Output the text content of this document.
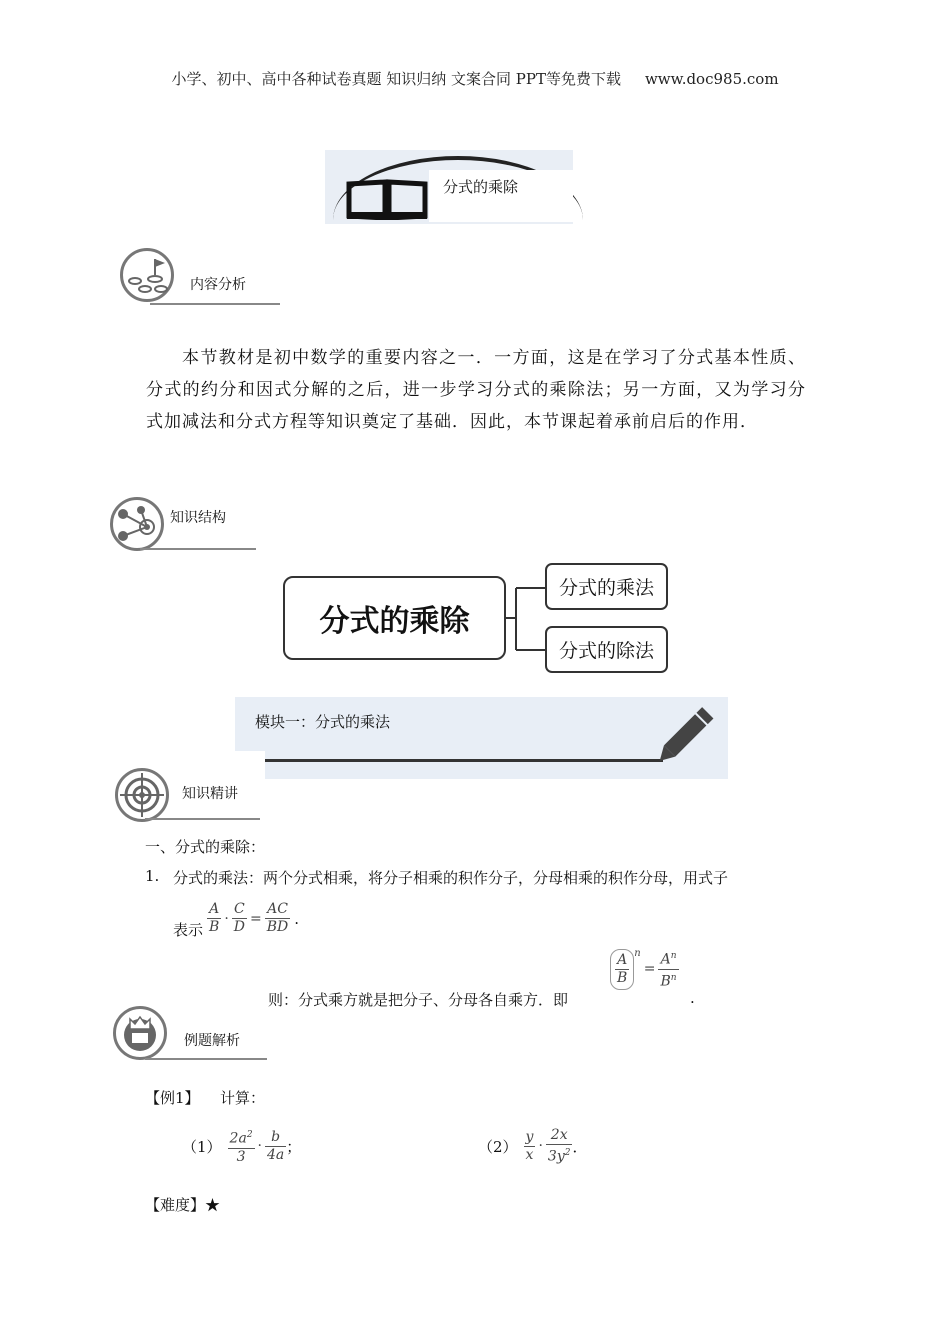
小学、初中、高中各种试卷真题 知识归纳 文案合同 PPT等免费下载 www.doc985.com
分式的乘除
内容分析
本节教材是初中数学的重要内容之一．一方面，这是在学习了分式基本性质、分式的约分和因式分解的之后，进一步学习分式的乘除法；另一方面，又为学习分式加减法和分式方程等知识奠定了基础．因此，本节课起着承前启后的作用．
知识结构
分式的乘除
分式的乘法
分式的除法
模块一：分式的乘法
知识精讲
一、分式的乘除：
1. 分式的乘法：两个分式相乘，将分子相乘的积作分子，分母相乘的积作分母，用式子
表示 $\frac{A}{B} \cdot \frac{C}{D} = \frac{AC}{BD}$ .
则：分式乘方就是把分子、分母各自乘方．即
$\frac{A}{B}$ n
= $\frac{A^n}{B^n}$
.
例题解析
【例1】 计算：
$(1) \frac{2a^2}{3} \cdot \frac{b}{4a}$ ；	$(2) \frac{y}{x} \cdot \frac{2x}{3y^2}$ ．
【难度】★
